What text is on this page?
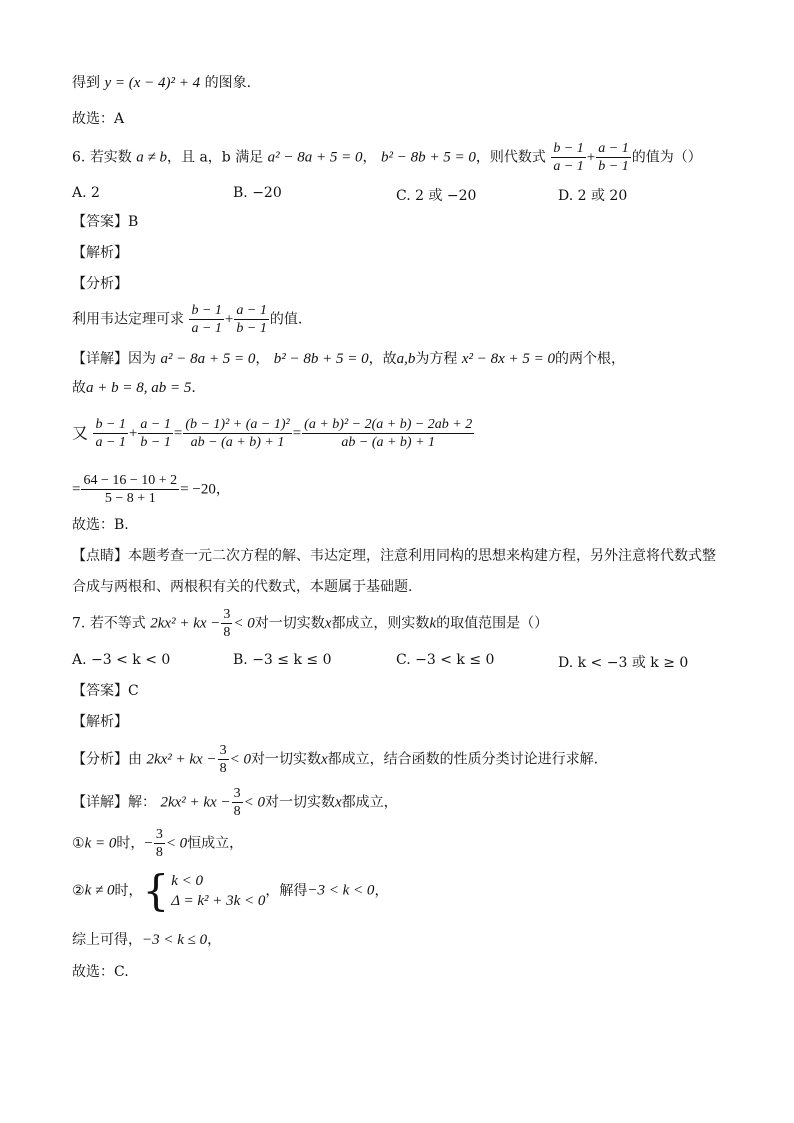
得到 y = (x − 4)² + 4 的图象.
故选：A
6. 若实数 a ≠ b，且 a，b 满足 a² − 8a + 5 = 0， b² − 8b + 5 = 0，则代数式 $\frac{b - 1}{a - 1} + \frac{a - 1}{b - 1}$ 的值为（）
A. 2	B. −20	C. 2 或 −20	D. 2 或 20
【答案】B
【解析】
【分析】
利用韦达定理可求 $\frac{b - 1}{a - 1} + \frac{a - 1}{b - 1}$ 的值.
【详解】因为 a² − 8a + 5 = 0， b² − 8b + 5 = 0，故a,b为方程 x² − 8x + 5 = 0的两个根，
故a + b = 8, ab = 5.
又 $\frac{b - 1}{a - 1} + \frac{a - 1}{b - 1} = \frac{\text{(b − 1)² + (a − 1)²}}{ab - (a + b) + 1} = \frac{\text{(a + b)² − 2(a + b) − 2ab + 2}}{ab - (a + b) + 1}$
= $\frac{64 - 16 - 10 + 2}{5 - 8 + 1} = -20$，
故选：B.
【点睛】本题考查一元二次方程的解、韦达定理，注意利用同构的思想来构建方程，另外注意将代数式整
合成与两根和、两根积有关的代数式，本题属于基础题.
7. 若不等式 2kx² + kx − $\frac{3}{8} < 0$对一切实数x都成立，则实数k的取值范围是（）
A. −3 < k < 0	B. −3 ≤ k ≤ 0	C. −3 < k ≤ 0	D. k < −3 或 k ≥ 0
【答案】C
【解析】
【分析】由 2kx² + kx − $\frac{3}{8} < 0$对一切实数x都成立，结合函数的性质分类讨论进行求解.
【详解】解： 2kx² + kx − $\frac{3}{8} < 0$对一切实数x都成立，
①k = 0时，− $\frac{3}{8} < 0$恒成立，
②k ≠ 0时，{ k < 0
Δ = k² + 3k < 0
，解得−3 < k < 0，
综上可得，−3 < k ≤ 0，
故选：C.
